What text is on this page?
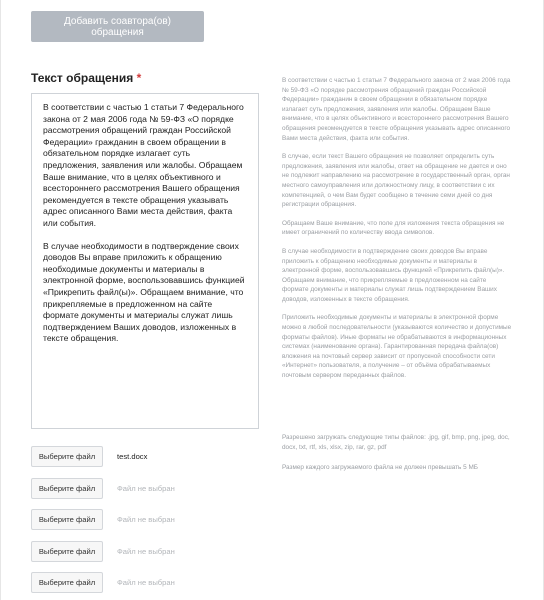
Добавить соавтора(ов) обращения
Текст обращения *

В соответствии с частью 1 статьи 7 Федерального закона от 2 мая 2006 года № 59-ФЗ «О порядке рассмотрения обращений граждан Российской Федерации» гражданин в своем обращении в обязательном порядке излагает суть предложения, заявления или жалобы. Обращаем Ваше внимание, что в целях объективного и всестороннего рассмотрения Вашего обращения рекомендуется в тексте обращения указывать адрес описанного Вами места действия, факта или события.

В случае необходимости в подтверждение своих доводов Вы вправе приложить к обращению необходимые документы и материалы в электронной форме, воспользовавшись функцией «Прикрепить файл(ы)». Обращаем внимание, что прикрепляемые в предложенном на сайте формате документы и материалы служат лишь подтверждением Ваших доводов, изложенных в тексте обращения.

В соответствии с частью 1 статьи 7 Федерального закона от 2 мая 2006 года № 59-ФЗ «О порядке рассмотрения обращений граждан Российской Федерации» гражданин в своем обращении в обязательном порядке излагает суть предложения, заявления или жалобы. Обращаем Ваше внимание, что в целях объективного и всестороннего рассмотрения Вашего обращения рекомендуется в тексте обращения указывать адрес описанного Вами места действия, факта или события.

В случае, если текст Вашего обращения не позволяет определить суть предложения, заявления или жалобы, ответ на обращение не дается и оно не подлежит направлению на рассмотрение в государственный орган, орган местного самоуправления или должностному лицу, в соответствии с их компетенцией, о чем Вам будет сообщено в течение семи дней со дня регистрации обращения.

Обращаем Ваше внимание, что поле для изложения текста обращения не имеет ограничений по количеству ввода символов.

В случае необходимости в подтверждение своих доводов Вы вправе приложить к обращению необходимые документы и материалы в электронной форме, воспользовавшись функцией «Прикрепить файл(ы)». Обращаем внимание, что прикрепляемые в предложенном на сайте формате документы и материалы служат лишь подтверждением Ваших доводов, изложенных в тексте обращения.

Приложить необходимые документы и материалы в электронной форме можно в любой последовательности (указываются количество и допустимые форматы файлов). Иные форматы не обрабатываются в информационных системах (наименование органа). Гарантированная передача файла(ов) вложения на почтовый сервер зависит от пропускной способности сети «Интернет» пользователя, а получение – от объёма обрабатываемых почтовым сервером переданных файлов.

Выберите файл	test.docx
Выберите файл	Файл не выбран
Выберите файл	Файл не выбран
Выберите файл	Файл не выбран
Выберите файл	Файл не выбран

Разрешено загружать следующие типы файлов: .jpg, gif, bmp, png, jpeg, doc, docx, txt, rtf, xls, xlsx, zip, rar, gz, pdf

Размер каждого загружаемого файла не должен превышать 5 МБ
